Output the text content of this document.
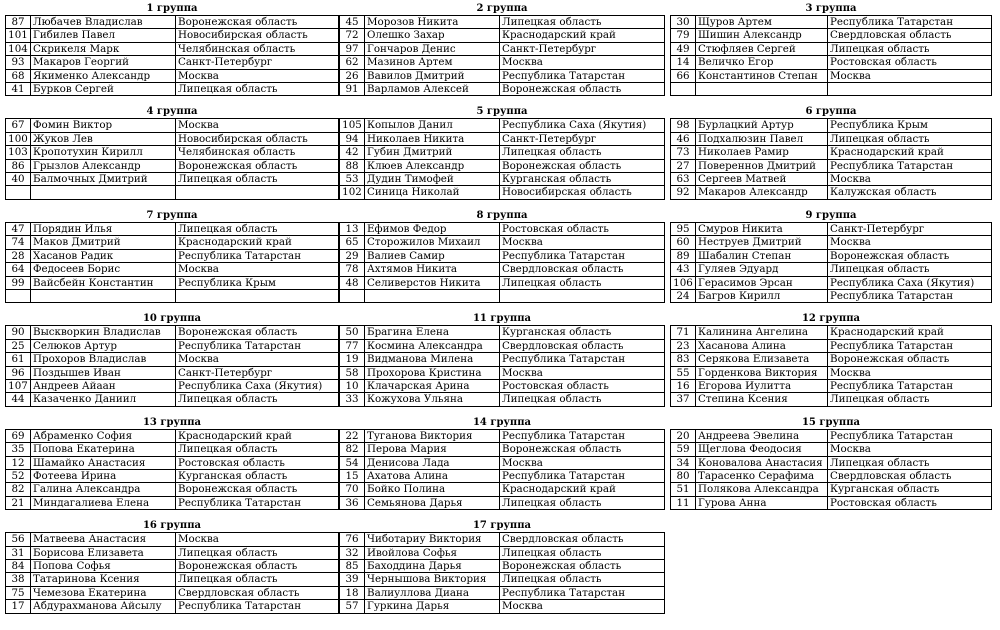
1 группа
87	Любачев Владислав	Воронежская область
101	Гибилев Павел	Новосибирская область
104	Скрикеля Марк	Челябинская область
93	Макаров Георгий	Санкт-Петербург
68	Якименко Александр	Москва
41	Бурков Сергей	Липецкая область
2 группа
45	Морозов Никита	Липецкая область
72	Олешко Захар	Краснодарский край
97	Гончаров Денис	Санкт-Петербург
62	Мазинов Артем	Москва
26	Вавилов Дмитрий	Республика Татарстан
91	Варламов Алексей	Воронежская область
3 группа
30	Щуров Артем	Республика Татарстан
79	Шишин Александр	Свердловская область
49	Стюфляев Сергей	Липецкая область
14	Величко Егор	Ростовская область
66	Константинов Степан	Москва

4 группа
67	Фомин Виктор	Москва
100	Жуков Лев	Новосибирская область
103	Кропотухин Кирилл	Челябинская область
86	Грызлов Александр	Воронежская область
40	Балмочных Дмитрий	Липецкая область

5 группа
105	Копылов Данил	Республика Саха (Якутия)
94	Николаев Никита	Санкт-Петербург
42	Губин Дмитрий	Липецкая область
88	Клюев Александр	Воронежская область
53	Дудин Тимофей	Курганская область
102	Синица Николай	Новосибирская область
6 группа
98	Бурлацкий Артур	Республика Крым
46	Подхалюзин Павел	Липецкая область
73	Николаев Рамир	Краснодарский край
27	Повереннов Дмитрий	Республика Татарстан
63	Сергеев Матвей	Москва
92	Макаров Александр	Калужская область
7 группа
47	Порядин Илья	Липецкая область
74	Маков Дмитрий	Краснодарский край
28	Хасанов Радик	Республика Татарстан
64	Федосеев Борис	Москва
99	Вайсбейн Константин	Республика Крым

8 группа
13	Ефимов Федор	Ростовская область
65	Сторожилов Михаил	Москва
29	Валиев Самир	Республика Татарстан
78	Ахтямов Никита	Свердловская область
48	Селиверстов Никита	Липецкая область

9 группа
95	Смуров Никита	Санкт-Петербург
60	Неструев Дмитрий	Москва
89	Шабалин Степан	Воронежская область
43	Гуляев Эдуард	Липецкая область
106	Герасимов Эрсан	Республика Саха (Якутия)
24	Багров Кирилл	Республика Татарстан
10 группа
90	Выскворкин Владислав	Воронежская область
25	Селюков Артур	Республика Татарстан
61	Прохоров Владислав	Москва
96	Поздышев Иван	Санкт-Петербург
107	Андреев Айаан	Республика Саха (Якутия)
44	Казаченко Даниил	Липецкая область
11 группа
50	Брагина Елена	Курганская область
77	Космина Александра	Свердловская область
19	Видманова Милена	Республика Татарстан
58	Прохорова Кристина	Москва
10	Клачарская Арина	Ростовская область
33	Кожухова Ульяна	Липецкая область
12 группа
71	Калинина Ангелина	Краснодарский край
23	Хасанова Алина	Республика Татарстан
83	Серякова Елизавета	Воронежская область
55	Горденкова Виктория	Москва
16	Егорова Иулитта	Республика Татарстан
37	Степина Ксения	Липецкая область
13 группа
69	Абраменко София	Краснодарский край
35	Попова Екатерина	Липецкая область
12	Шамайко Анастасия	Ростовская область
52	Фотеева Ирина	Курганская область
82	Галина Александра	Воронежская область
21	Миндагалиева Елена	Республика Татарстан
14 группа
22	Туганова Виктория	Республика Татарстан
82	Перова Мария	Воронежская область
54	Денисова Лада	Москва
15	Ахатова Алина	Республика Татарстан
70	Бойко Полина	Краснодарский край
36	Семьянова Дарья	Липецкая область
15 группа
20	Андреева Эвелина	Республика Татарстан
59	Щеглова Феодосия	Москва
34	Коновалова Анастасия	Липецкая область
80	Тарасенко Серафима	Свердловская область
51	Полякова Александра	Курганская область
11	Гурова Анна	Ростовская область
16 группа
56	Матвеева Анастасия	Москва
31	Борисова Елизавета	Липецкая область
84	Попова Софья	Воронежская область
38	Татаринова Ксения	Липецкая область
75	Чемезова Екатерина	Свердловская область
17	Абдурахманова Айсылу	Республика Татарстан
17 группа
76	Чиботариу Виктория	Свердловская область
32	Ивойлова Софья	Липецкая область
85	Баходдина Дарья	Воронежская область
39	Чернышова Виктория	Липецкая область
18	Валиуллова Диана	Республика Татарстан
57	Гуркина Дарья	Москва
